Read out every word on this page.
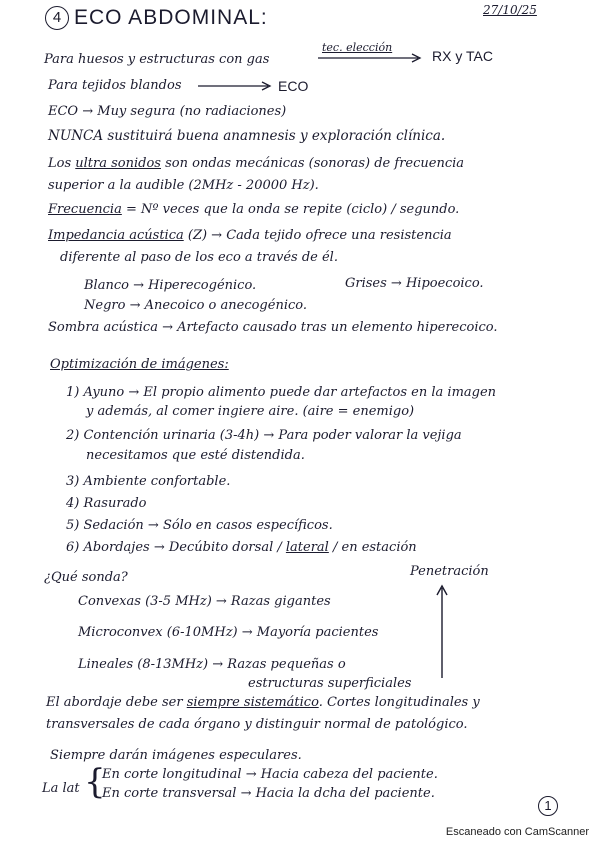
4 ECO ABDOMINAL:	27/10/25
Para huesos y estructuras con gas
tec. elección
RX y TAC
Para tejidos blandos	ECO
ECO → Muy segura (no radiaciones)
NUNCA sustituirá buena anamnesis y exploración clínica.
Los ultra sonidos son ondas mecánicas (sonoras) de frecuencia
superior a la audible (2MHz - 20000 Hz).
Frecuencia = Nº veces que la onda se repite (ciclo) / segundo.
Impedancia acústica (Z) → Cada tejido ofrece una resistencia
diferente al paso de los eco a través de él.
Blanco → Hiperecogénico.	Grises → Hipoecoico.
Negro → Anecoico o anecogénico.
Sombra acústica → Artefacto causado tras un elemento hiperecoico.
Optimización de imágenes:
1) Ayuno → El propio alimento puede dar artefactos en la imagen
y además, al comer ingiere aire. (aire = enemigo)
2) Contención urinaria (3-4h) → Para poder valorar la vejiga
necesitamos que esté distendida.
3) Ambiente confortable.
4) Rasurado
5) Sedación → Sólo en casos específicos.
6) Abordajes → Decúbito dorsal / lateral / en estación
¿Qué sonda?	Penetración
Convexas (3-5 MHz) → Razas gigantes
Microconvex (6-10MHz) → Mayoría pacientes
Lineales (8-13MHz) → Razas pequeñas o
estructuras superficiales
El abordaje debe ser siempre sistemático. Cortes longitudinales y
transversales de cada órgano y distinguir normal de patológico.
Siempre darán imágenes especulares.
La lat {
En corte longitudinal → Hacia cabeza del paciente.
En corte transversal → Hacia la dcha del paciente.
1
Escaneado con CamScanner
